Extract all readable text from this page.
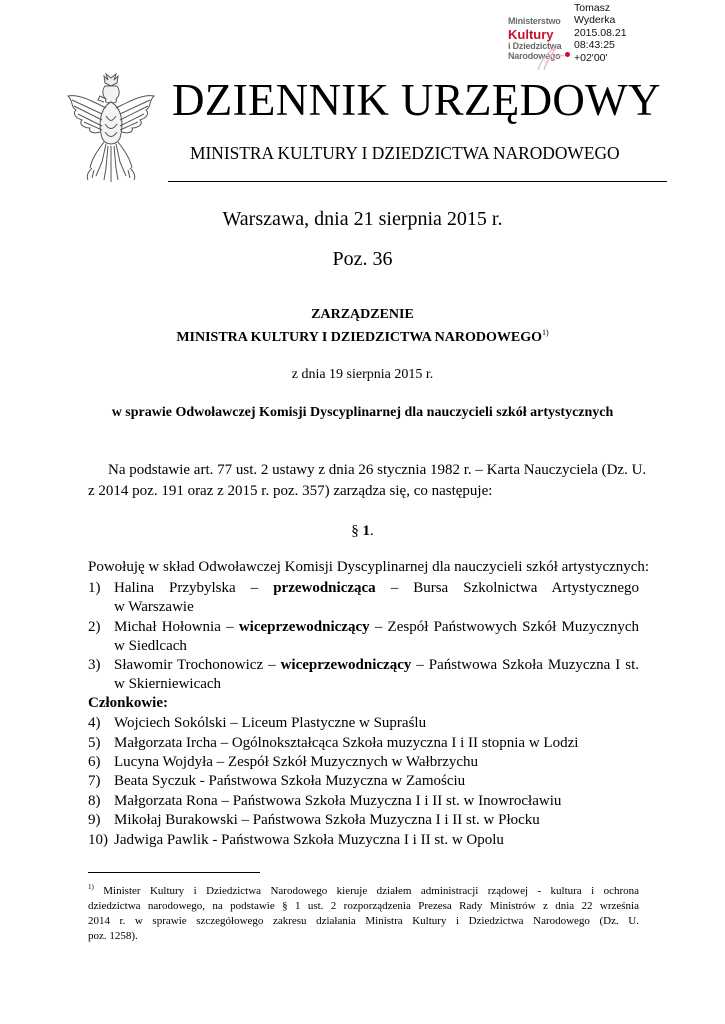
Ministerstwo
Kultury
i Dziedzictwa
Narodowego
Tomasz
Wyderka
2015.08.21
08:43:25
+02'00'
DZIENNIK URZĘDOWY
MINISTRA KULTURY I DZIEDZICTWA NARODOWEGO
Warszawa, dnia 21 sierpnia 2015 r.
Poz. 36
ZARZĄDZENIE
MINISTRA KULTURY I DZIEDZICTWA NARODOWEGO$^{1)}$
z dnia 19 sierpnia 2015 r.
w sprawie Odwoławczej Komisji Dyscyplinarnej dla nauczycieli szkół artystycznych
Na podstawie art. 77 ust. 2 ustawy z dnia 26 stycznia 1982 r. – Karta Nauczyciela (Dz. U.
z 2014 poz. 191 oraz z 2015 r. poz. 357) zarządza się, co następuje:
§ 1.
Powołuję w skład Odwoławczej Komisji Dyscyplinarnej dla nauczycieli szkół artystycznych:
1) Halina Przybylska – przewodnicząca – Bursa Szkolnictwa Artystycznego
w Warszawie
2) Michał Hołownia – wiceprzewodniczący – Zespół Państwowych Szkół Muzycznych
w Siedlcach
3) Sławomir Trochonowicz – wiceprzewodniczący – Państwowa Szkoła Muzyczna I st.
w Skierniewicach
Członkowie:
4) Wojciech Sokólski – Liceum Plastyczne w Supraślu
5) Małgorzata Ircha – Ogólnokształcąca Szkoła muzyczna I i II stopnia w Lodzi
6) Lucyna Wojdyła – Zespół Szkół Muzycznych w Wałbrzychu
7) Beata Syczuk - Państwowa Szkoła Muzyczna w Zamościu
8) Małgorzata Rona – Państwowa Szkoła Muzyczna I i II st. w Inowrocławiu
9) Mikołaj Burakowski – Państwowa Szkoła Muzyczna I i II st. w Płocku
10) Jadwiga Pawlik - Państwowa Szkoła Muzyczna I i II st. w Opolu
$^{1)}$ Minister Kultury i Dziedzictwa Narodowego kieruje działem administracji rządowej - kultura i ochrona
dziedzictwa narodowego, na podstawie § 1 ust. 2 rozporządzenia Prezesa Rady Ministrów z dnia 22 września
2014 r. w sprawie szczegółowego zakresu działania Ministra Kultury i Dziedzictwa Narodowego (Dz. U.
poz. 1258).
